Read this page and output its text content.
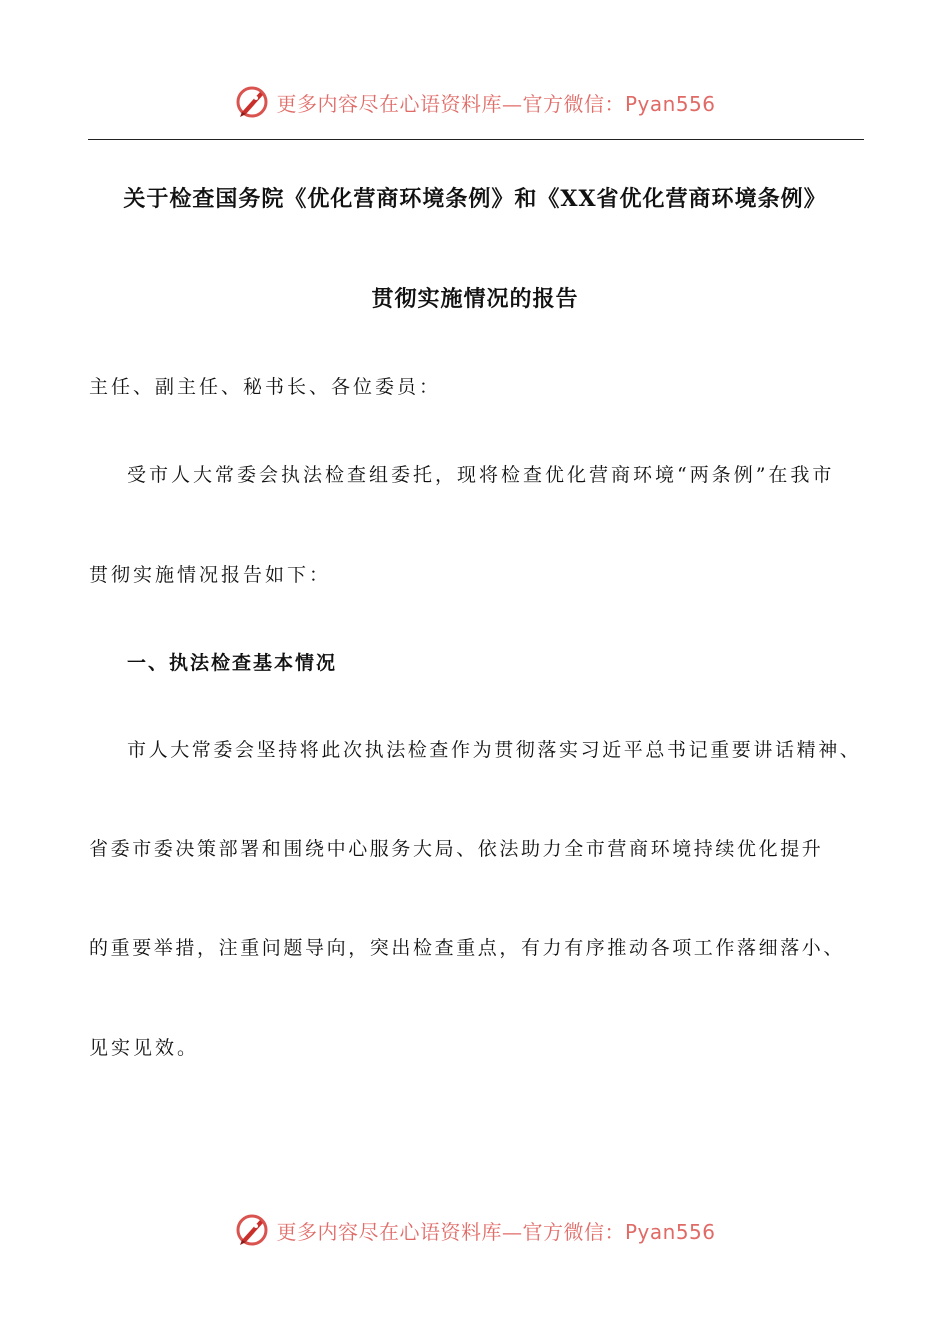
更多内容尽在心语资料库—官方微信：Pyan556
关于检查国务院《优化营商环境条例》和《XX省优化营商环境条例》
贯彻实施情况的报告
主任、副主任、秘书长、各位委员：
受市人大常委会执法检查组委托，现将检查优化营商环境“两条例”在我市
贯彻实施情况报告如下：
一、执法检查基本情况
市人大常委会坚持将此次执法检查作为贯彻落实习近平总书记重要讲话精神、
省委市委决策部署和围绕中心服务大局、依法助力全市营商环境持续优化提升
的重要举措，注重问题导向，突出检查重点，有力有序推动各项工作落细落小、
见实见效。
更多内容尽在心语资料库—官方微信：Pyan556
